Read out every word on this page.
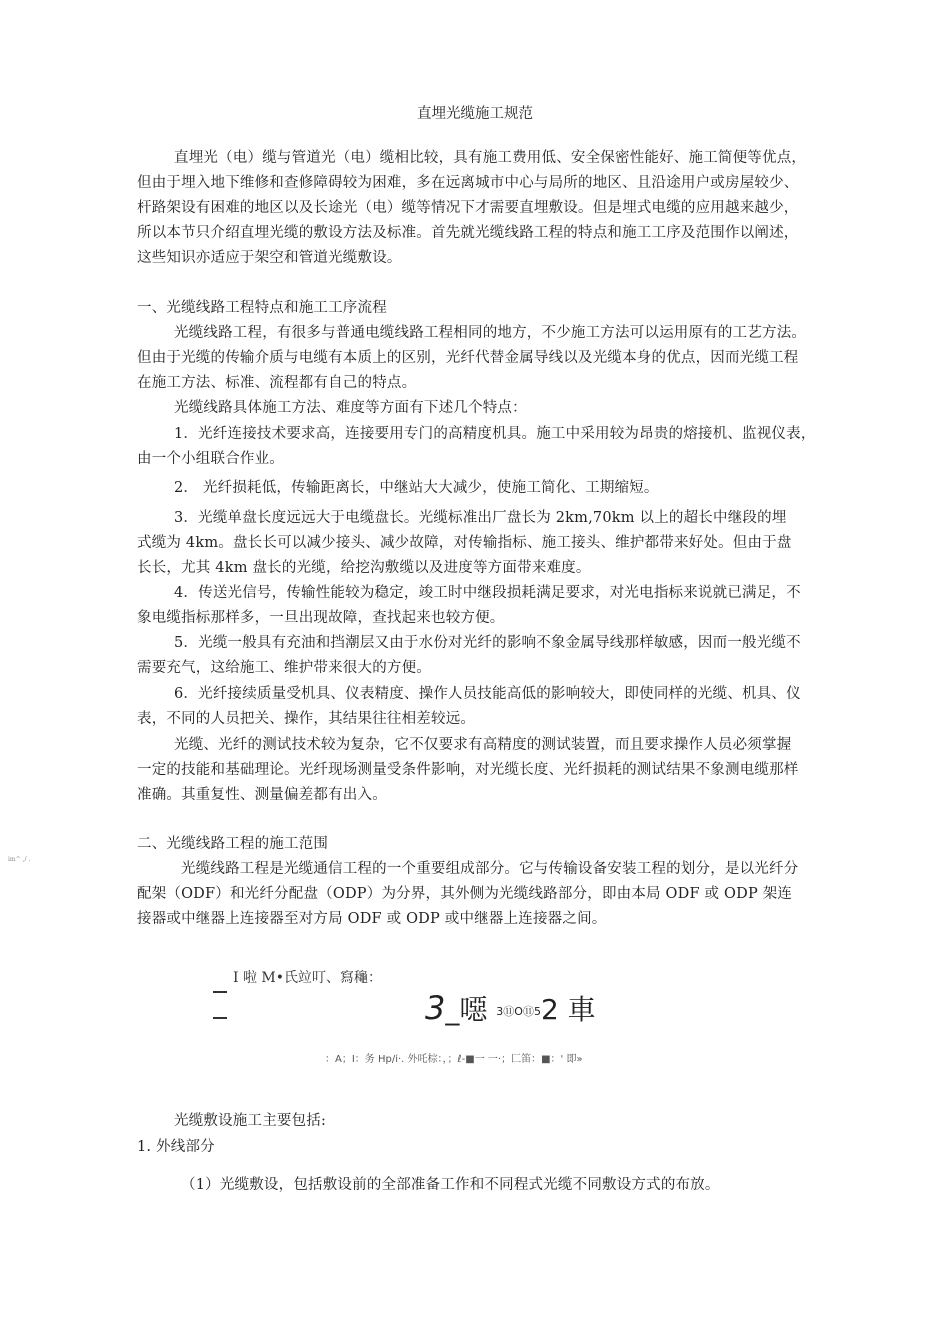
直埋光缆施工规范
直埋光（电）缆与管道光（电）缆相比较，具有施工费用低、安全保密性能好、施工简便等优点，
但由于埋入地下维修和查修障碍较为困难，多在远离城市中心与局所的地区、且沿途用户或房屋较少、
杆路架设有困难的地区以及长途光（电）缆等情况下才需要直埋敷设。但是埋式电缆的应用越来越少，
所以本节只介绍直埋光缆的敷设方法及标准。首先就光缆线路工程的特点和施工工序及范围作以阐述，
这些知识亦适应于架空和管道光缆敷设。
一、光缆线路工程特点和施工工序流程
光缆线路工程，有很多与普通电缆线路工程相同的地方，不少施工方法可以运用原有的工艺方法。
但由于光缆的传输介质与电缆有本质上的区别，光纤代替金属导线以及光缆本身的优点，因而光缆工程
在施工方法、标准、流程都有自己的特点。
光缆线路具体施工方法、难度等方面有下述几个特点：
1．光纤连接技术要求高，连接要用专门的高精度机具。施工中采用较为昂贵的熔接机、监视仪表，
由一个小组联合作业。
2． 光纤损耗低，传输距离长，中继站大大减少，使施工简化、工期缩短。
3．光缆单盘长度远远大于电缆盘长。光缆标准出厂盘长为 2km,70km 以上的超长中继段的埋
式缆为 4km。盘长长可以减少接头、减少故障，对传输指标、施工接头、维护都带来好处。但由于盘
长长，尤其 4km 盘长的光缆，给挖沟敷缆以及进度等方面带来难度。
4．传送光信号，传输性能较为稳定，竣工时中继段损耗满足要求，对光电指标来说就已满足，不
象电缆指标那样多，一旦出现故障，查找起来也较方便。
5．光缆一般具有充油和挡潮层又由于水份对光纤的影响不象金属导线那样敏感，因而一般光缆不
需要充气，这给施工、维护带来很大的方便。
6．光纤接续质量受机具、仪表精度、操作人员技能高低的影响较大，即使同样的光缆、机具、仪
表，不同的人员把关、操作，其结果往往相差较远。
光缆、光纤的测试技术较为复杂，它不仅要求有高精度的测试装置，而且要求操作人员必须掌握
一定的技能和基础理论。光纤现场测量受条件影响，对光缆长度、光纤损耗的测试结果不象测电缆那样
准确。其重复性、测量偏差都有出入。
im^ ,/ .
二、光缆线路工程的施工范围
光缆线路工程是光缆通信工程的一个重要组成部分。它与传输设备安装工程的划分，是以光纤分
配架（ODF）和光纤分配盘（ODP）为分界，其外侧为光缆线路部分，即由本局 ODF 或 ODP 架连
接器或中继器上连接器至对方局 ODF 或 ODP 或中继器上连接器之间。
I 啦 M•氏竝叮、寫龝：
3_噁 3⑪O⑪52 車
：A；I：务 Hp/i·. 外吒棕：，；ℓ-■一 一·；匚笛：■：' 即»
光缆敷设施工主要包括:
1. 外线部分
（1）光缆敷设，包括敷设前的全部准备工作和不同程式光缆不同敷设方式的布放。
